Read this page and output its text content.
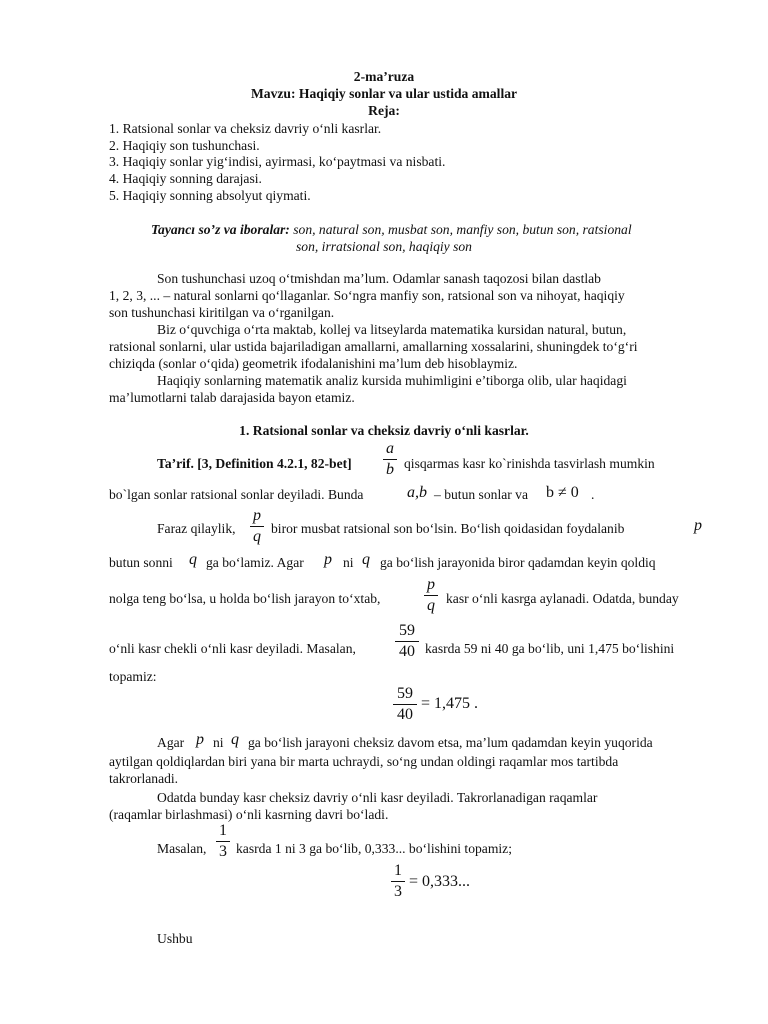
2-ma’ruza
Mavzu: Haqiqiy sonlar va ular ustida amallar
Reja:
1. Ratsional sonlar va cheksiz davriy o‘nli kasrlar.
2. Haqiqiy son tushunchasi.
3. Haqiqiy sonlar yig‘indisi, ayirmasi, ko‘paytmasi va nisbati.
4. Haqiqiy sonning darajasi.
5. Haqiqiy sonning absolyut qiymati.
Tayancı so’z va iboralar: son, natural son, musbat son, manfiy son, butun son, ratsional
son, irratsional son, haqiqiy son
Son tushunchasi uzoq o‘tmishdan ma’lum. Odamlar sanash taqozosi bilan dastlab
1, 2, 3, ... – natural sonlarni qo‘llaganlar. So‘ngra manfiy son, ratsional son va nihoyat, haqiqiy
son tushunchasi kiritilgan va o‘rganilgan.
Biz o‘quvchiga o‘rta maktab, kollej va litseylarda matematika kursidan natural, butun,
ratsional sonlarni, ular ustida bajariladigan amallarni, amallarning xossalarini, shuningdek to‘g‘ri
chiziqda (sonlar o‘qida) geometrik ifodalanishini ma’lum deb hisoblaymiz.
Haqiqiy sonlarning matematik analiz kursida muhimligini e’tiborga olib, ular haqidagi
ma’lumotlarni talab darajasida bayon etamiz.
1. Ratsional sonlar va cheksiz davriy o‘nli kasrlar.
Ta’rif. [3, Definition 4.2.1, 82-bet]
a
b qisqarmas kasr ko`rinishda tasvirlash mumkin
bo`lgan sonlar ratsional sonlar deyiladi. Bunda	a,b – butun sonlar va b ≠ 0 .
Faraz qilaylik,
p
q biror musbat ratsional son bo‘lsin. Bo‘lish qoidasidan foydalanib	p
butun sonni q ga bo‘lamiz. Agar p ni q ga bo‘lish jarayonida biror qadamdan keyin qoldiq
nolga teng bo‘lsa, u holda bo‘lish jarayon to‘xtab,
p
q kasr o‘nli kasrga aylanadi. Odatda, bunday
o‘nli kasr chekli o‘nli kasr deyiladi. Masalan,
59
40 kasrda 59 ni 40 ga bo‘lib, uni 1,475 bo‘lishini
topamiz:
59
40
= 1,475 .
Agar p ni q ga bo‘lish jarayoni cheksiz davom etsa, ma’lum qadamdan keyin yuqorida
aytilgan qoldiqlardan biri yana bir marta uchraydi, so‘ng undan oldingi raqamlar mos tartibda
takrorlanadi.
Odatda bunday kasr cheksiz davriy o‘nli kasr deyiladi. Takrorlanadigan raqamlar
(raqamlar birlashmasi) o‘nli kasrning davri bo‘ladi.
Masalan,
1
3 kasrda 1 ni 3 ga bo‘lib, 0,333... bo‘lishini topamiz;
1
3
= 0,333...
Ushbu
